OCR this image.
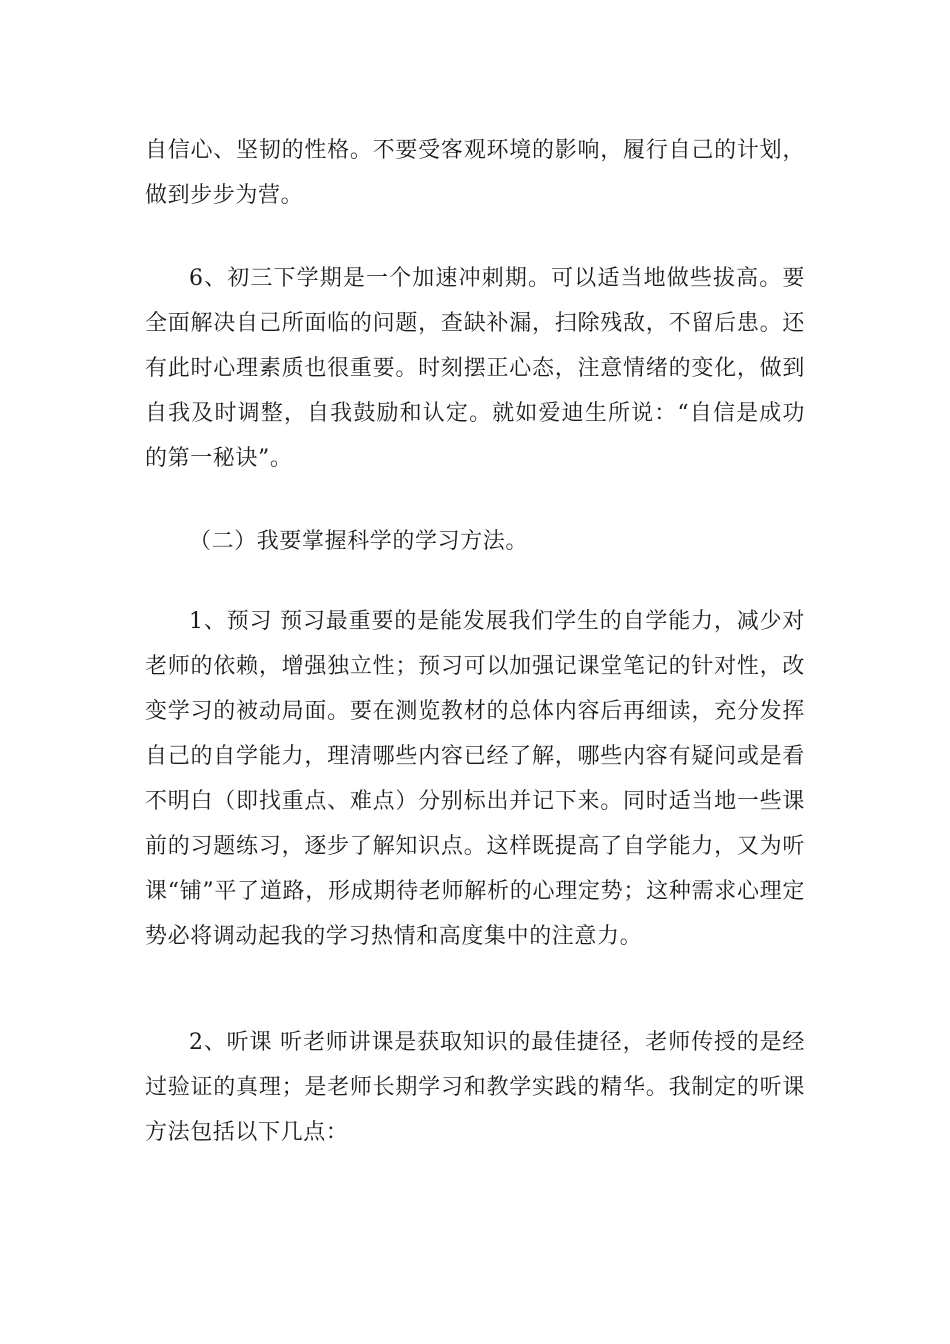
自信心、坚韧的性格。不要受客观环境的影响，履行自己的计划，做到步步为营。

6、初三下学期是一个加速冲刺期。可以适当地做些拔高。要全面解决自己所面临的问题，查缺补漏，扫除残敌，不留后患。还有此时心理素质也很重要。时刻摆正心态，注意情绪的变化，做到自我及时调整，自我鼓励和认定。就如爱迪生所说：“自信是成功的第一秘诀”。

（二）我要掌握科学的学习方法。

1、预习 预习最重要的是能发展我们学生的自学能力，减少对老师的依赖，增强独立性；预习可以加强记课堂笔记的针对性，改变学习的被动局面。要在测览教材的总体内容后再细读，充分发挥自己的自学能力，理清哪些内容已经了解，哪些内容有疑问或是看不明白（即找重点、难点）分别标出并记下来。同时适当地一些课前的习题练习，逐步了解知识点。这样既提高了自学能力，又为听课“铺”平了道路，形成期待老师解析的心理定势；这种需求心理定势必将调动起我的学习热情和高度集中的注意力。

2、听课 听老师讲课是获取知识的最佳捷径，老师传授的是经过验证的真理；是老师长期学习和教学实践的精华。我制定的听课方法包括以下几点：
